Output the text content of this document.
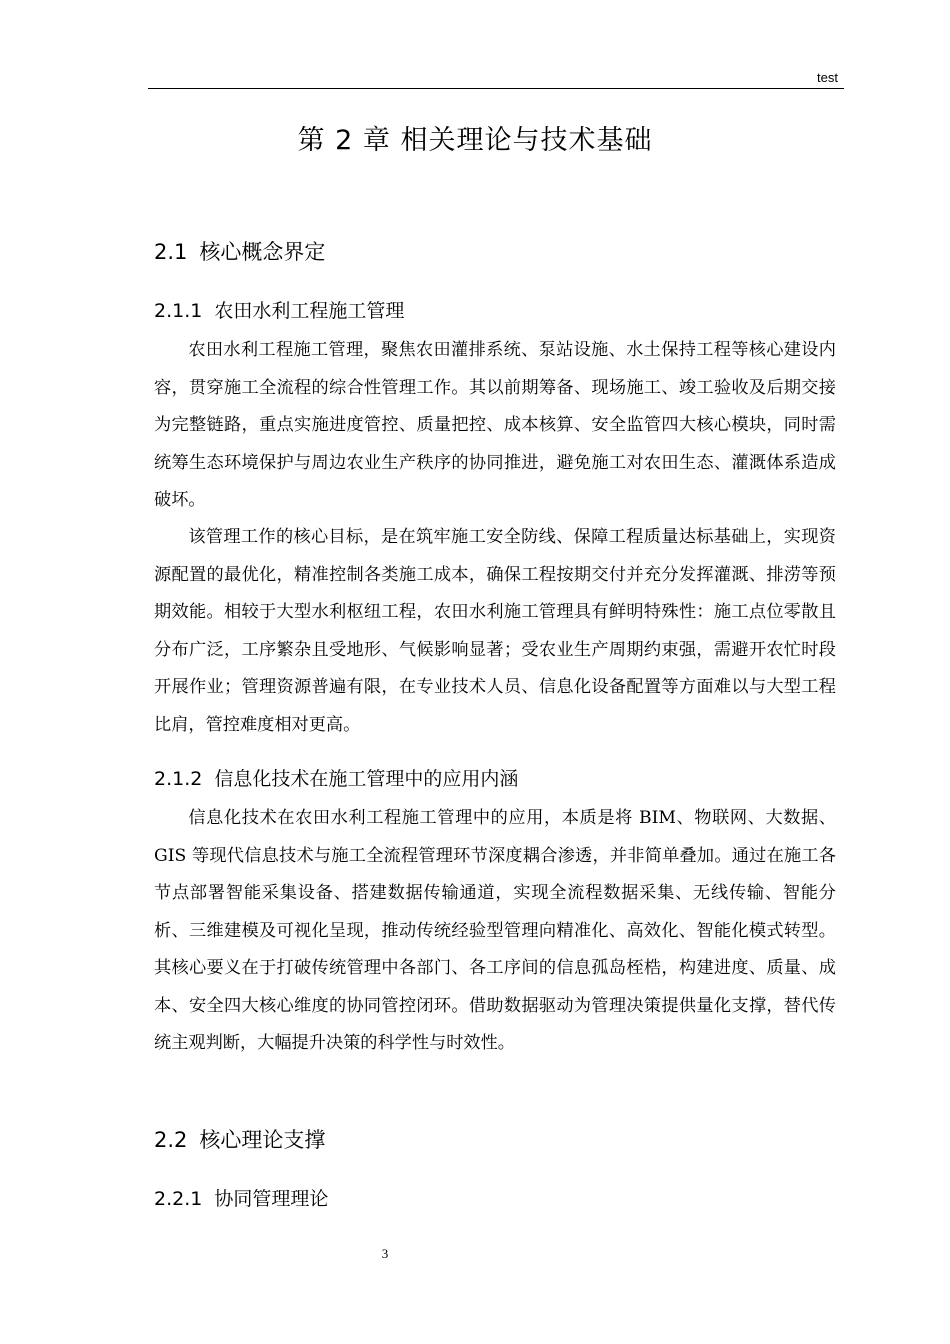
test
第 2 章 相关理论与技术基础
2.1 核心概念界定
2.1.1 农田水利工程施工管理

农田水利工程施工管理，聚焦农田灌排系统、泵站设施、水土保持工程等核心建设内容，贯穿施工全流程的综合性管理工作。其以前期筹备、现场施工、竣工验收及后期交接为完整链路，重点实施进度管控、质量把控、成本核算、安全监管四大核心模块，同时需统筹生态环境保护与周边农业生产秩序的协同推进，避免施工对农田生态、灌溉体系造成破坏。

该管理工作的核心目标，是在筑牢施工安全防线、保障工程质量达标基础上，实现资源配置的最优化，精准控制各类施工成本，确保工程按期交付并充分发挥灌溉、排涝等预期效能。相较于大型水利枢纽工程，农田水利施工管理具有鲜明特殊性：施工点位零散且分布广泛，工序繁杂且受地形、气候影响显著；受农业生产周期约束强，需避开农忙时段开展作业；管理资源普遍有限，在专业技术人员、信息化设备配置等方面难以与大型工程比肩，管控难度相对更高。

2.1.2 信息化技术在施工管理中的应用内涵

信息化技术在农田水利工程施工管理中的应用，本质是将 BIM、物联网、大数据、GIS 等现代信息技术与施工全流程管理环节深度耦合渗透，并非简单叠加。通过在施工各节点部署智能采集设备、搭建数据传输通道，实现全流程数据采集、无线传输、智能分析、三维建模及可视化呈现，推动传统经验型管理向精准化、高效化、智能化模式转型。其核心要义在于打破传统管理中各部门、各工序间的信息孤岛桎梏，构建进度、质量、成本、安全四大核心维度的协同管控闭环。借助数据驱动为管理决策提供量化支撑，替代传统主观判断，大幅提升决策的科学性与时效性。

2.2 核心理论支撑
2.2.1 协同管理理论
3
